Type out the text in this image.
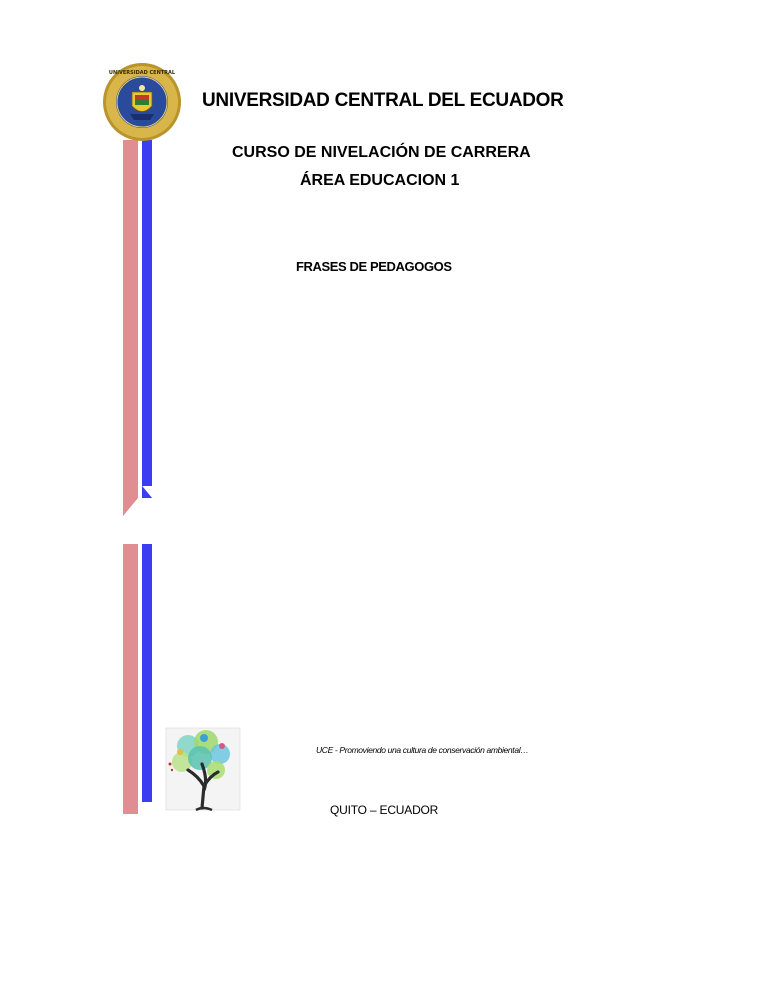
UNIVERSIDAD CENTRAL
UNIVERSIDAD CENTRAL DEL ECUADOR
CURSO DE NIVELACIÓN DE CARRERA
ÁREA EDUCACION 1
FRASES DE PEDAGOGOS
UCE - Promoviendo una cultura de conservación ambiental…
QUITO – ECUADOR
